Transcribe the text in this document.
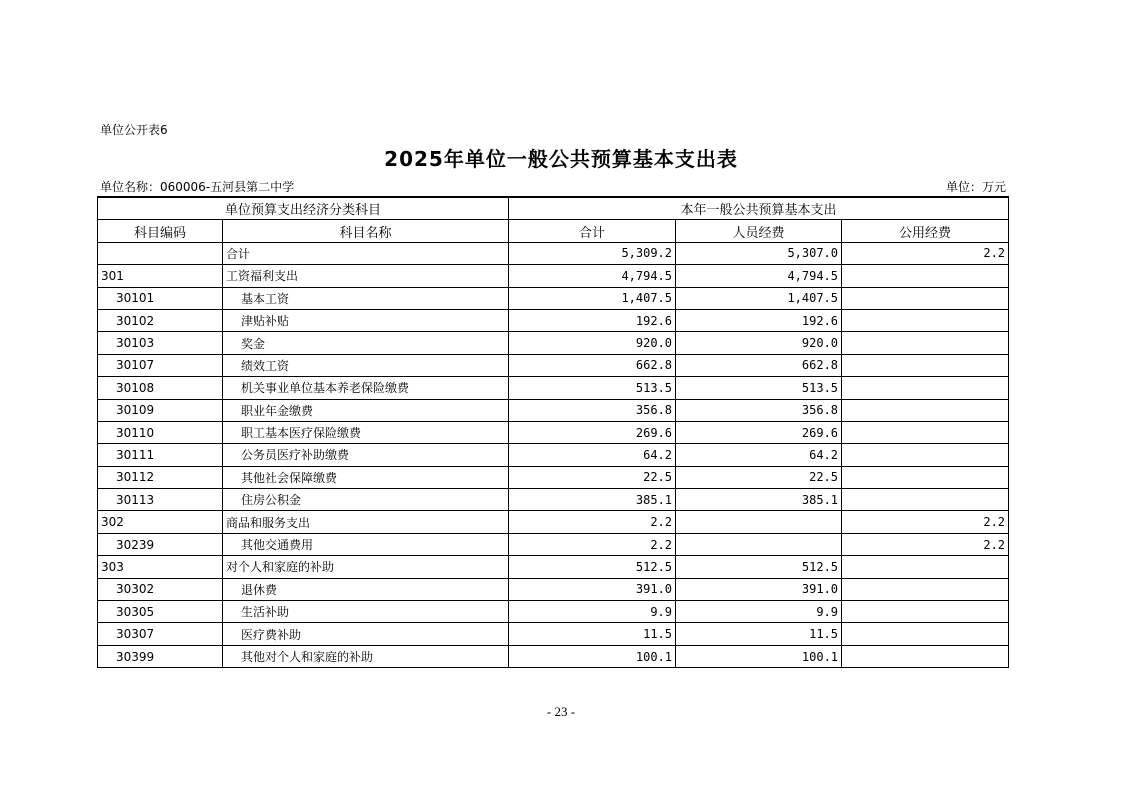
单位公开表6
2025年单位一般公共预算基本支出表
单位名称：060006-五河县第二中学	单位：万元
单位预算支出经济分类科目		本年一般公共预算基本支出		
科目编码	科目名称	合计	人员经费	公用经费
	合计	5,309.2	5,307.0	2.2
301	工资福利支出	4,794.5	4,794.5	
30101	基本工资	1,407.5	1,407.5	
30102	津贴补贴	192.6	192.6	
30103	奖金	920.0	920.0	
30107	绩效工资	662.8	662.8	
30108	机关事业单位基本养老保险缴费	513.5	513.5	
30109	职业年金缴费	356.8	356.8	
30110	职工基本医疗保险缴费	269.6	269.6	
30111	公务员医疗补助缴费	64.2	64.2	
30112	其他社会保障缴费	22.5	22.5	
30113	住房公积金	385.1	385.1	
302	商品和服务支出	2.2		2.2
30239	其他交通费用	2.2		2.2
303	对个人和家庭的补助	512.5	512.5	
30302	退休费	391.0	391.0	
30305	生活补助	9.9	9.9	
30307	医疗费补助	11.5	11.5	
30399	其他对个人和家庭的补助	100.1	100.1	
- 23 -
